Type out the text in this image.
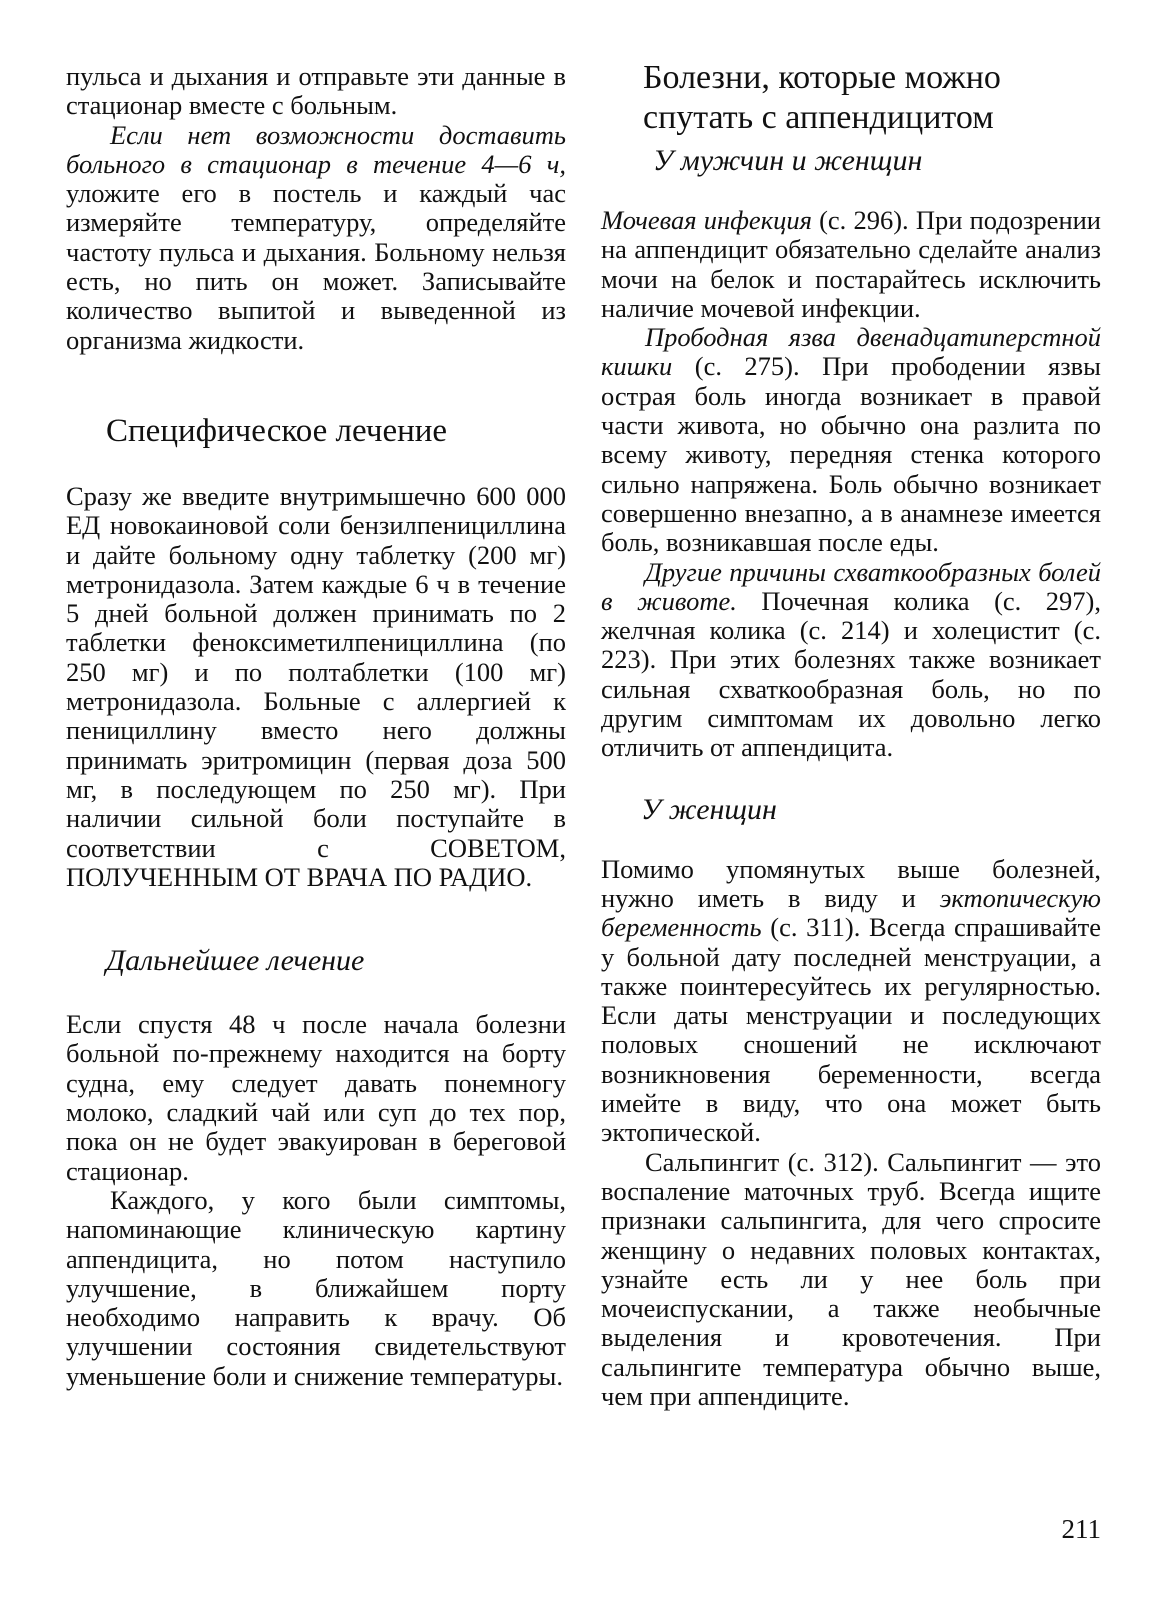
пульса и дыхания и отправьте эти данные в стационар вместе с больным.

Если нет возможности доставить больного в стационар в течение 4—6 ч, уложите его в постель и каждый час измеряйте температуру, определяйте частоту пульса и дыхания. Больному нельзя есть, но пить он может. Записывайте количество выпитой и выведенной из организма жидкости.

Специфическое лечение

Сразу же введите внутримышечно 600 000 ЕД новокаиновой соли бензилпенициллина и дайте больному одну таблетку (200 мг) метронидазола. Затем каждые 6 ч в течение 5 дней больной должен принимать по 2 таблетки феноксиметилпенициллина (по 250 мг) и по полтаблетки (100 мг) метронидазола. Больные с аллергией к пенициллину вместо него должны принимать эритромицин (первая доза 500 мг, в последующем по 250 мг). При наличии сильной боли поступайте в соответствии с СОВЕТОМ, ПОЛУЧЕННЫМ ОТ ВРАЧА ПО РАДИО.

Дальнейшее лечение

Если спустя 48 ч после начала болезни больной по-прежнему находится на борту судна, ему следует давать понемногу молоко, сладкий чай или суп до тех пор, пока он не будет эвакуирован в береговой стационар.

Каждого, у кого были симптомы, напоминающие клиническую картину аппендицита, но потом наступило улучшение, в ближайшем порту необходимо направить к врачу. Об улучшении состояния свидетельствуют уменьшение боли и снижение температуры.

Болезни, которые можно спутать с аппендицитом
У мужчин и женщин

Мочевая инфекция (с. 296). При подозрении на аппендицит обязательно сделайте анализ мочи на белок и постарайтесь исключить наличие мочевой инфекции.

Прободная язва двенадцатиперстной кишки (с. 275). При прободении язвы острая боль иногда возникает в правой части живота, но обычно она разлита по всему животу, передняя стенка которого сильно напряжена. Боль обычно возникает совершенно внезапно, а в анамнезе имеется боль, возникавшая после еды.

Другие причины схваткообразных болей в животе. Почечная колика (с. 297), желчная колика (с. 214) и холецистит (с. 223). При этих болезнях также возникает сильная схваткообразная боль, но по другим симптомам их довольно легко отличить от аппендицита.

У женщин

Помимо упомянутых выше болезней, нужно иметь в виду и эктопическую беременность (с. 311). Всегда спрашивайте у больной дату последней менструации, а также поинтересуйтесь их регулярностью. Если даты менструации и последующих половых сношений не исключают возникновения беременности, всегда имейте в виду, что она может быть эктопической.

Сальпингит (с. 312). Сальпингит — это воспаление маточных труб. Всегда ищите признаки сальпингита, для чего спросите женщину о недавних половых контактах, узнайте есть ли у нее боль при мочеиспускании, а также необычные выделения и кровотечения. При сальпингите температура обычно выше, чем при аппендиците.

211
